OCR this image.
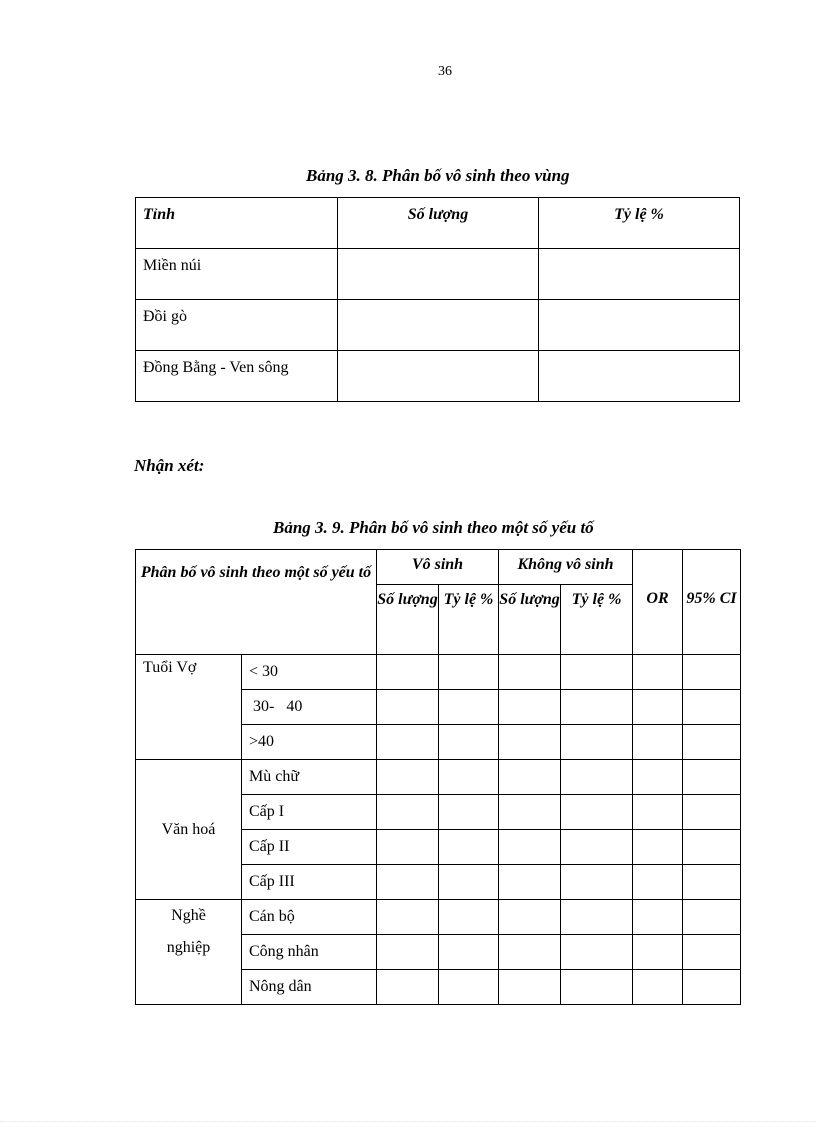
36
Bảng 3. 8. Phân bố vô sinh theo vùng
Tỉnh	Số lượng	Tỷ lệ %
Miền núi		
Đồi gò		
Đồng Bằng - Ven sông		
Nhận xét:
Bảng 3. 9. Phân bố vô sinh theo một số yếu tố
Phân bố vô sinh theo một số yếu tố		Vô sinh		Không vô sinh		OR	95% CI
		Số lượng	Tỷ lệ %	Số lượng	Tỷ lệ %		
Tuổi Vợ	< 30						
	30-   40						
	>40						
Văn hoá	Mù chữ						
	Cấp I						
	Cấp II						
	Cấp III						
Nghề nghiệp	Cán bộ						
	Công nhân						
	Nông dân						
